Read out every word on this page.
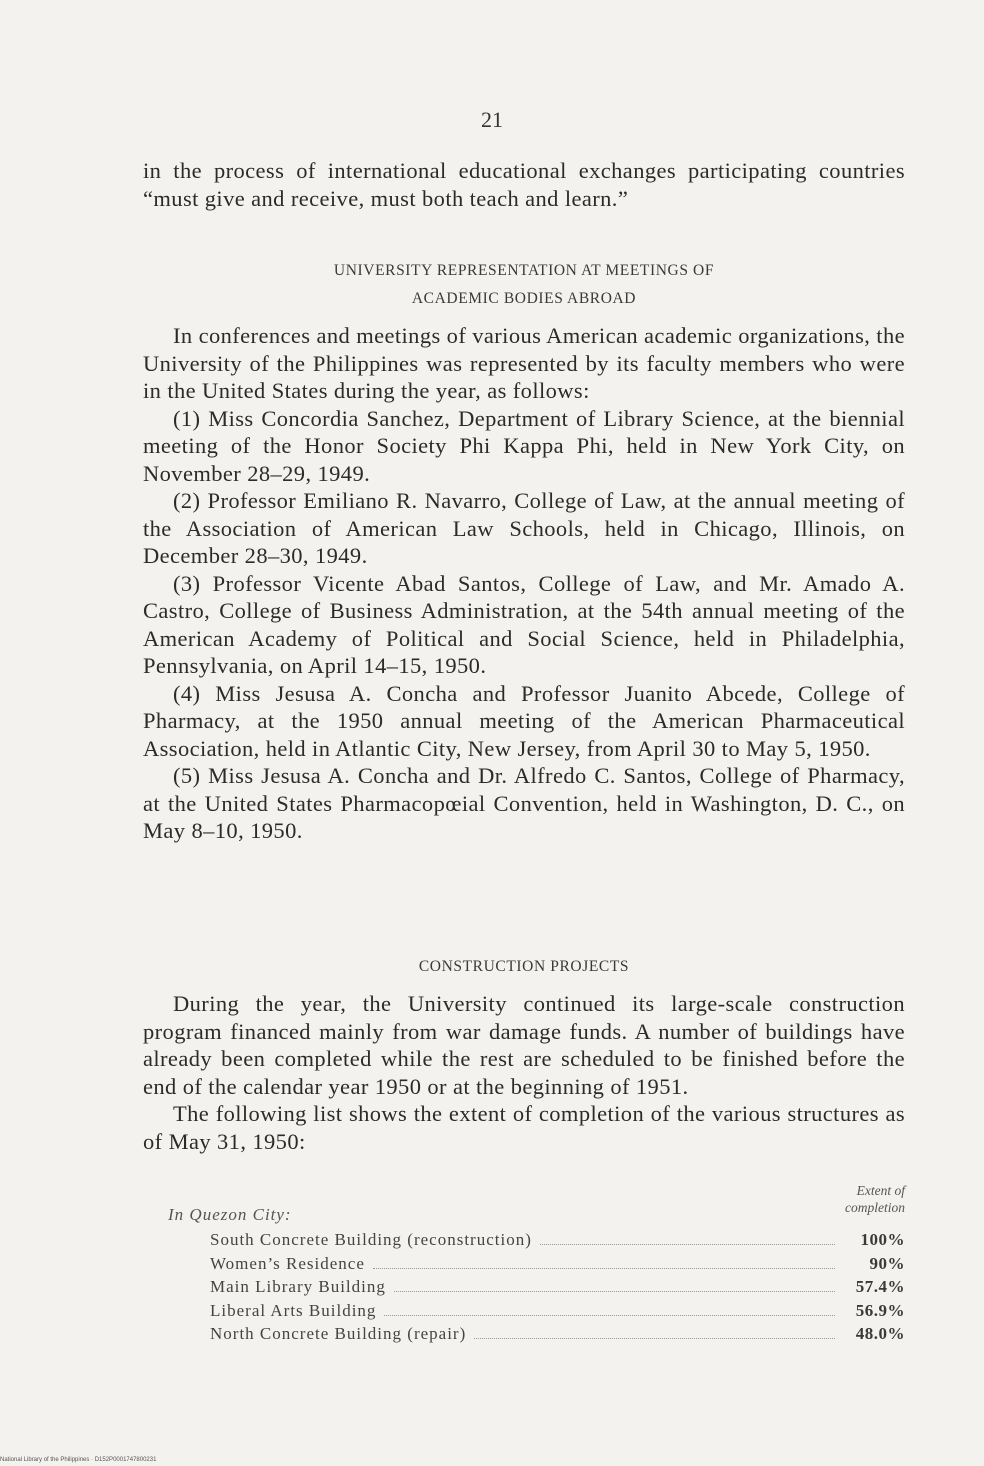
21

in the process of international educational exchanges participating countries “must give and receive, must both teach and learn.”

UNIVERSITY REPRESENTATION AT MEETINGS OF
ACADEMIC BODIES ABROAD

In conferences and meetings of various American academic organizations, the University of the Philippines was represented by its faculty members who were in the United States during the year, as follows:

(1) Miss Concordia Sanchez, Department of Library Science, at the biennial meeting of the Honor Society Phi Kappa Phi, held in New York City, on November 28–29, 1949.

(2) Professor Emiliano R. Navarro, College of Law, at the annual meeting of the Association of American Law Schools, held in Chicago, Illinois, on December 28–30, 1949.

(3) Professor Vicente Abad Santos, College of Law, and Mr. Amado A. Castro, College of Business Administration, at the 54th annual meeting of the American Academy of Political and Social Science, held in Philadelphia, Pennsylvania, on April 14–15, 1950.

(4) Miss Jesusa A. Concha and Professor Juanito Abcede, College of Pharmacy, at the 1950 annual meeting of the American Pharmaceutical Association, held in Atlantic City, New Jersey, from April 30 to May 5, 1950.

(5) Miss Jesusa A. Concha and Dr. Alfredo C. Santos, College of Pharmacy, at the United States Pharmacopœial Convention, held in Washington, D. C., on May 8–10, 1950.

CONSTRUCTION PROJECTS

During the year, the University continued its large-scale construction program financed mainly from war damage funds. A number of buildings have already been completed while the rest are scheduled to be finished before the end of the calendar year 1950 or at the beginning of 1951.

The following list shows the extent of completion of the various structures as of May 31, 1950:

Extent of
completion
In Quezon City:
South Concrete Building (reconstruction)	100%
Women’s Residence	90%
Main Library Building	57.4%
Liberal Arts Building	56.9%
North Concrete Building (repair)	48.0%
National Library of the Philippines · D152P0001747800231
